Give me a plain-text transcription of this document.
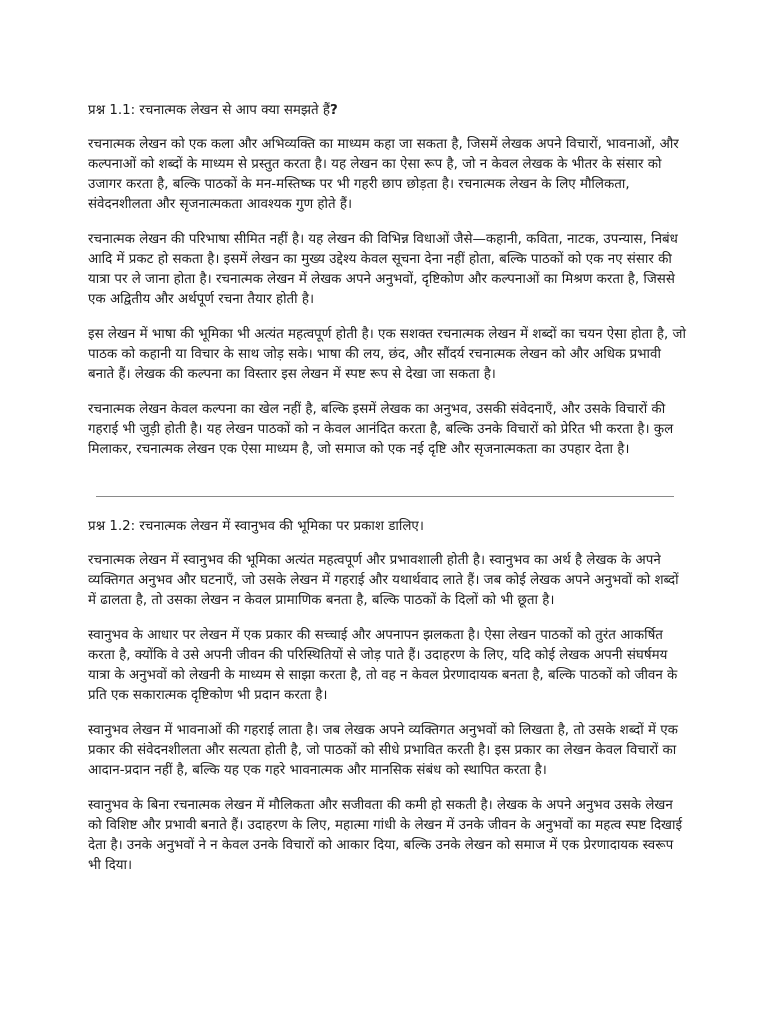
प्रश्न 1.1: रचनात्मक लेखन से आप क्या समझते हैं?

रचनात्मक लेखन को एक कला और अभिव्यक्ति का माध्यम कहा जा सकता है, जिसमें लेखक अपने विचारों, भावनाओं, और कल्पनाओं को शब्दों के माध्यम से प्रस्तुत करता है। यह लेखन का ऐसा रूप है, जो न केवल लेखक के भीतर के संसार को उजागर करता है, बल्कि पाठकों के मन-मस्तिष्क पर भी गहरी छाप छोड़ता है। रचनात्मक लेखन के लिए मौलिकता, संवेदनशीलता और सृजनात्मकता आवश्यक गुण होते हैं।

रचनात्मक लेखन की परिभाषा सीमित नहीं है। यह लेखन की विभिन्न विधाओं जैसे—कहानी, कविता, नाटक, उपन्यास, निबंध आदि में प्रकट हो सकता है। इसमें लेखन का मुख्य उद्देश्य केवल सूचना देना नहीं होता, बल्कि पाठकों को एक नए संसार की यात्रा पर ले जाना होता है। रचनात्मक लेखन में लेखक अपने अनुभवों, दृष्टिकोण और कल्पनाओं का मिश्रण करता है, जिससे एक अद्वितीय और अर्थपूर्ण रचना तैयार होती है।

इस लेखन में भाषा की भूमिका भी अत्यंत महत्वपूर्ण होती है। एक सशक्त रचनात्मक लेखन में शब्दों का चयन ऐसा होता है, जो पाठक को कहानी या विचार के साथ जोड़ सके। भाषा की लय, छंद, और सौंदर्य रचनात्मक लेखन को और अधिक प्रभावी बनाते हैं। लेखक की कल्पना का विस्तार इस लेखन में स्पष्ट रूप से देखा जा सकता है।

रचनात्मक लेखन केवल कल्पना का खेल नहीं है, बल्कि इसमें लेखक का अनुभव, उसकी संवेदनाएँ, और उसके विचारों की गहराई भी जुड़ी होती है। यह लेखन पाठकों को न केवल आनंदित करता है, बल्कि उनके विचारों को प्रेरित भी करता है। कुल मिलाकर, रचनात्मक लेखन एक ऐसा माध्यम है, जो समाज को एक नई दृष्टि और सृजनात्मकता का उपहार देता है।

प्रश्न 1.2: रचनात्मक लेखन में स्वानुभव की भूमिका पर प्रकाश डालिए।

रचनात्मक लेखन में स्वानुभव की भूमिका अत्यंत महत्वपूर्ण और प्रभावशाली होती है। स्वानुभव का अर्थ है लेखक के अपने व्यक्तिगत अनुभव और घटनाएँ, जो उसके लेखन में गहराई और यथार्थवाद लाते हैं। जब कोई लेखक अपने अनुभवों को शब्दों में ढालता है, तो उसका लेखन न केवल प्रामाणिक बनता है, बल्कि पाठकों के दिलों को भी छूता है।

स्वानुभव के आधार पर लेखन में एक प्रकार की सच्चाई और अपनापन झलकता है। ऐसा लेखन पाठकों को तुरंत आकर्षित करता है, क्योंकि वे उसे अपनी जीवन की परिस्थितियों से जोड़ पाते हैं। उदाहरण के लिए, यदि कोई लेखक अपनी संघर्षमय यात्रा के अनुभवों को लेखनी के माध्यम से साझा करता है, तो वह न केवल प्रेरणादायक बनता है, बल्कि पाठकों को जीवन के प्रति एक सकारात्मक दृष्टिकोण भी प्रदान करता है।

स्वानुभव लेखन में भावनाओं की गहराई लाता है। जब लेखक अपने व्यक्तिगत अनुभवों को लिखता है, तो उसके शब्दों में एक प्रकार की संवेदनशीलता और सत्यता होती है, जो पाठकों को सीधे प्रभावित करती है। इस प्रकार का लेखन केवल विचारों का आदान-प्रदान नहीं है, बल्कि यह एक गहरे भावनात्मक और मानसिक संबंध को स्थापित करता है।

स्वानुभव के बिना रचनात्मक लेखन में मौलिकता और सजीवता की कमी हो सकती है। लेखक के अपने अनुभव उसके लेखन को विशिष्ट और प्रभावी बनाते हैं। उदाहरण के लिए, महात्मा गांधी के लेखन में उनके जीवन के अनुभवों का महत्व स्पष्ट दिखाई देता है। उनके अनुभवों ने न केवल उनके विचारों को आकार दिया, बल्कि उनके लेखन को समाज में एक प्रेरणादायक स्वरूप भी दिया।
